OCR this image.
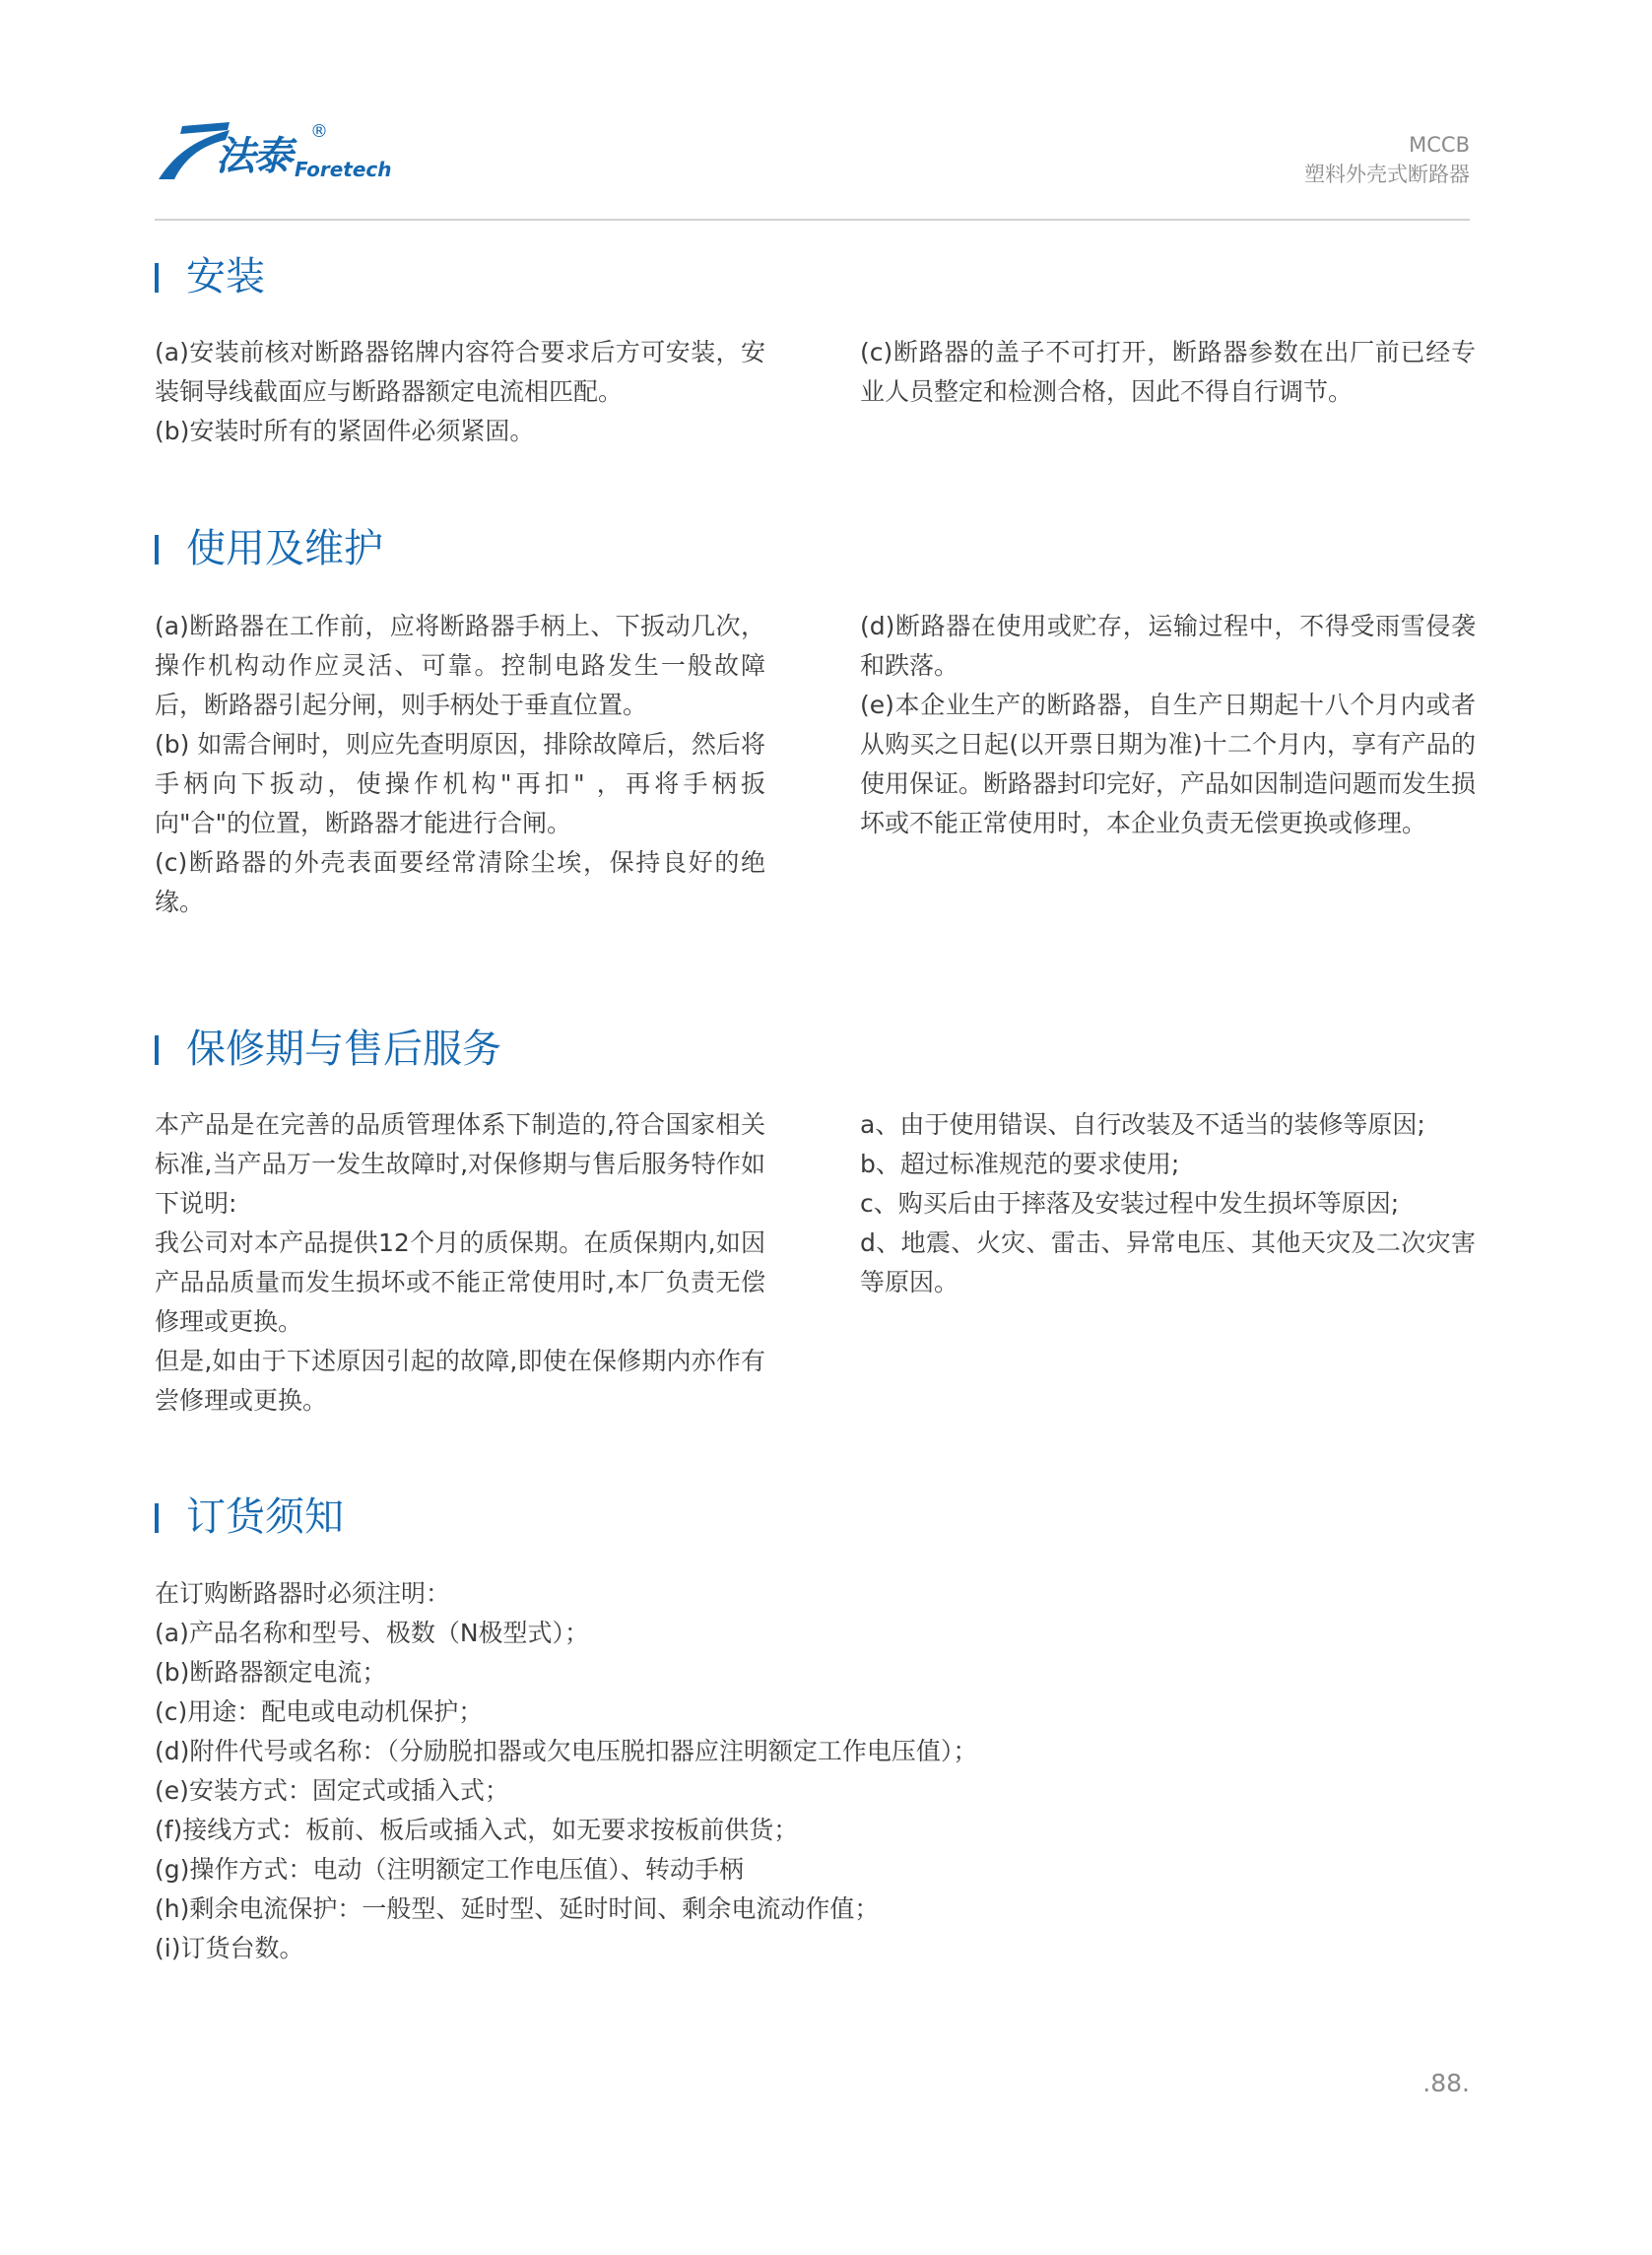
法泰
®
Foretech
MCCB
塑料外壳式断路器
安装

(a)安装前核对断路器铭牌内容符合要求后方可安装，安装铜导线截面应与断路器额定电流相匹配。

(b)安装时所有的紧固件必须紧固。

(c)断路器的盖子不可打开，断路器参数在出厂前已经专业人员整定和检测合格，因此不得自行调节。

使用及维护

(a)断路器在工作前，应将断路器手柄上、下扳动几次，操作机构动作应灵活、可靠。控制电路发生一般故障后，断路器引起分闸，则手柄处于垂直位置。

(b) 如需合闸时，则应先查明原因，排除故障后，然后将手柄向下扳动，使操作机构"再扣" ，再将手柄扳向"合"的位置，断路器才能进行合闸。

(c)断路器的外壳表面要经常清除尘埃，保持良好的绝缘。

(d)断路器在使用或贮存，运输过程中，不得受雨雪侵袭和跌落。

(e)本企业生产的断路器，自生产日期起十八个月内或者从购买之日起(以开票日期为准)十二个月内，享有产品的使用保证。断路器封印完好，产品如因制造问题而发生损坏或不能正常使用时，本企业负责无偿更换或修理。

保修期与售后服务

本产品是在完善的品质管理体系下制造的,符合国家相关标准,当产品万一发生故障时,对保修期与售后服务特作如下说明:

我公司对本产品提供12个月的质保期。在质保期内,如因产品品质量而发生损坏或不能正常使用时,本厂负责无偿修理或更换。

但是,如由于下述原因引起的故障,即使在保修期内亦作有尝修理或更换。

a、由于使用错误、自行改装及不适当的装修等原因;

b、超过标准规范的要求使用;

c、购买后由于摔落及安装过程中发生损坏等原因;

d、地震、火灾、雷击、异常电压、其他天灾及二次灾害等原因。

订货须知

在订购断路器时必须注明：

(a)产品名称和型号、极数（N极型式）；

(b)断路器额定电流；

(c)用途：配电或电动机保护；

(d)附件代号或名称：（分励脱扣器或欠电压脱扣器应注明额定工作电压值）；

(e)安装方式：固定式或插入式；

(f)接线方式：板前、板后或插入式，如无要求按板前供货；

(g)操作方式：电动（注明额定工作电压值）、转动手柄

(h)剩余电流保护：一般型、延时型、延时时间、剩余电流动作值；

(i)订货台数。

.88.
